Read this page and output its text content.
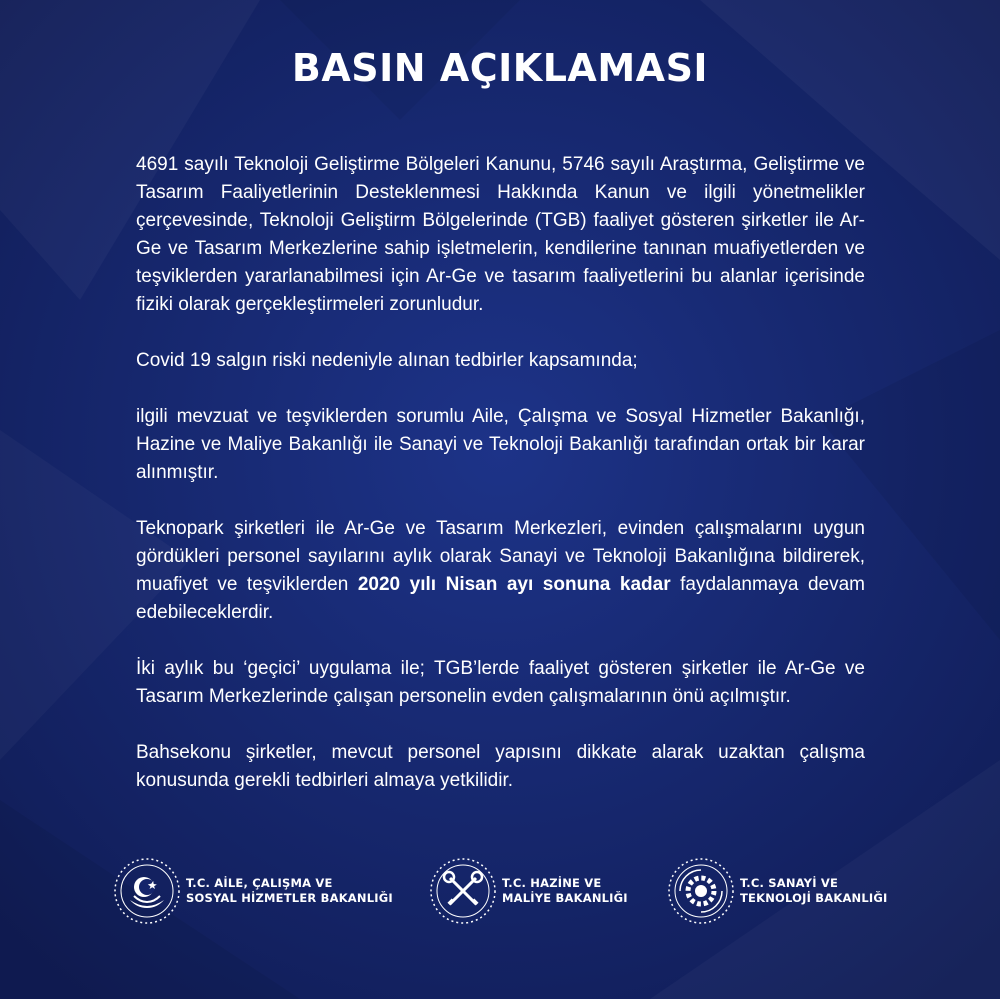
BASIN AÇIKLAMASI

4691 sayılı Teknoloji Geliştirme Bölgeleri Kanunu, 5746 sayılı Araştırma, Geliştirme ve Tasarım Faaliyetlerinin Desteklenmesi Hakkında Kanun ve ilgili yönetmelikler çerçevesinde, Teknoloji Geliştirm Bölgelerinde (TGB) faaliyet gösteren şirketler ile Ar-Ge ve Tasarım Merkezlerine sahip işletmelerin, kendilerine tanınan muafiyetlerden ve teşviklerden yararlanabilmesi için Ar-Ge ve tasarım faaliyetlerini bu alanlar içerisinde fiziki olarak gerçekleştirmeleri zorunludur.

Covid 19 salgın riski nedeniyle alınan tedbirler kapsamında;

ilgili mevzuat ve teşviklerden sorumlu Aile, Çalışma ve Sosyal Hizmetler Bakanlığı, Hazine ve Maliye Bakanlığı ile Sanayi ve Teknoloji Bakanlığı tarafından ortak bir karar alınmıştır.

Teknopark şirketleri ile Ar-Ge ve Tasarım Merkezleri, evinden çalışmalarını uygun gördükleri personel sayılarını aylık olarak Sanayi ve Teknoloji Bakanlığına bildirerek, muafiyet ve teşviklerden 2020 yılı Nisan ayı sonuna kadar faydalanmaya devam edebileceklerdir.

İki aylık bu ‘geçici’ uygulama ile; TGB’lerde faaliyet gösteren şirketler ile Ar-Ge ve Tasarım Merkezlerinde çalışan personelin evden çalışmalarının önü açılmıştır.

Bahsekonu şirketler, mevcut personel yapısını dikkate alarak uzaktan çalışma konusunda gerekli tedbirleri almaya yetkilidir.

T.C. AİLE, ÇALIŞMA VE
SOSYAL HİZMETLER BAKANLIĞI
T.C. HAZİNE VE
MALİYE BAKANLIĞI
T.C. SANAYİ VE
TEKNOLOJİ BAKANLIĞI
